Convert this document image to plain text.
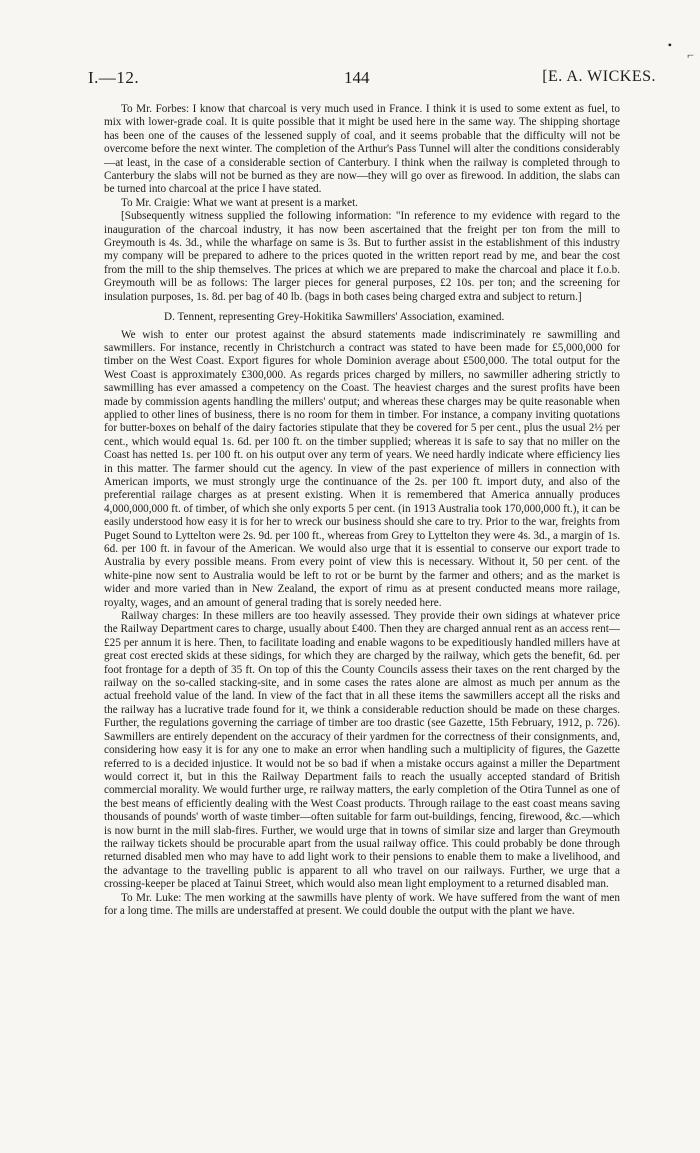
•
⌐
I.—12.	144	[E. A. WICKES.

To Mr. Forbes: I know that charcoal is very much used in France. I think it is used to some extent as fuel, to mix with lower-grade coal. It is quite possible that it might be used here in the same way. The shipping shortage has been one of the causes of the lessened supply of coal, and it seems probable that the difficulty will not be overcome before the next winter. The completion of the Arthur's Pass Tunnel will alter the conditions considerably—at least, in the case of a considerable section of Canterbury. I think when the railway is completed through to Canterbury the slabs will not be burned as they are now—they will go over as firewood. In addition, the slabs can be turned into charcoal at the price I have stated.

To Mr. Craigie: What we want at present is a market.

[Subsequently witness supplied the following information: "In reference to my evidence with regard to the inauguration of the charcoal industry, it has now been ascertained that the freight per ton from the mill to Greymouth is 4s. 3d., while the wharfage on same is 3s. But to further assist in the establishment of this industry my company will be prepared to adhere to the prices quoted in the written report read by me, and bear the cost from the mill to the ship themselves. The prices at which we are prepared to make the charcoal and place it f.o.b. Greymouth will be as follows: The larger pieces for general purposes, £2 10s. per ton; and the screening for insulation purposes, 1s. 8d. per bag of 40 lb. (bags in both cases being charged extra and subject to return.]

D. Tennent, representing Grey-Hokitika Sawmillers' Association, examined.

We wish to enter our protest against the absurd statements made indiscriminately re sawmilling and sawmillers. For instance, recently in Christchurch a contract was stated to have been made for £5,000,000 for timber on the West Coast. Export figures for whole Dominion average about £500,000. The total output for the West Coast is approximately £300,000. As regards prices charged by millers, no sawmiller adhering strictly to sawmilling has ever amassed a competency on the Coast. The heaviest charges and the surest profits have been made by commission agents handling the millers' output; and whereas these charges may be quite reasonable when applied to other lines of business, there is no room for them in timber. For instance, a company inviting quotations for butter-boxes on behalf of the dairy factories stipulate that they be covered for 5 per cent., plus the usual 2½ per cent., which would equal 1s. 6d. per 100 ft. on the timber supplied; whereas it is safe to say that no miller on the Coast has netted 1s. per 100 ft. on his output over any term of years. We need hardly indicate where efficiency lies in this matter. The farmer should cut the agency. In view of the past experience of millers in connection with American imports, we must strongly urge the continuance of the 2s. per 100 ft. import duty, and also of the preferential railage charges as at present existing. When it is remembered that America annually produces 4,000,000,000 ft. of timber, of which she only exports 5 per cent. (in 1913 Australia took 170,000,000 ft.), it can be easily understood how easy it is for her to wreck our business should she care to try. Prior to the war, freights from Puget Sound to Lyttelton were 2s. 9d. per 100 ft., whereas from Grey to Lyttelton they were 4s. 3d., a margin of 1s. 6d. per 100 ft. in favour of the American. We would also urge that it is essential to conserve our export trade to Australia by every possible means. From every point of view this is necessary. Without it, 50 per cent. of the white-pine now sent to Australia would be left to rot or be burnt by the farmer and others; and as the market is wider and more varied than in New Zealand, the export of rimu as at present conducted means more railage, royalty, wages, and an amount of general trading that is sorely needed here.

Railway charges: In these millers are too heavily assessed. They provide their own sidings at whatever price the Railway Department cares to charge, usually about £400. Then they are charged annual rent as an access rent—£25 per annum it is here. Then, to facilitate loading and enable wagons to be expeditiously handled millers have at great cost erected skids at these sidings, for which they are charged by the railway, which gets the benefit, 6d. per foot frontage for a depth of 35 ft. On top of this the County Councils assess their taxes on the rent charged by the railway on the so-called stacking-site, and in some cases the rates alone are almost as much per annum as the actual freehold value of the land. In view of the fact that in all these items the sawmillers accept all the risks and the railway has a lucrative trade found for it, we think a considerable reduction should be made on these charges. Further, the regulations governing the carriage of timber are too drastic (see Gazette, 15th February, 1912, p. 726). Sawmillers are entirely dependent on the accuracy of their yardmen for the correctness of their consignments, and, considering how easy it is for any one to make an error when handling such a multiplicity of figures, the Gazette referred to is a decided injustice. It would not be so bad if when a mistake occurs against a miller the Department would correct it, but in this the Railway Department fails to reach the usually accepted standard of British commercial morality. We would further urge, re railway matters, the early completion of the Otira Tunnel as one of the best means of efficiently dealing with the West Coast products. Through railage to the east coast means saving thousands of pounds' worth of waste timber—often suitable for farm out-buildings, fencing, firewood, &c.—which is now burnt in the mill slab-fires. Further, we would urge that in towns of similar size and larger than Greymouth the railway tickets should be procurable apart from the usual railway office. This could probably be done through returned disabled men who may have to add light work to their pensions to enable them to make a livelihood, and the advantage to the travelling public is apparent to all who travel on our railways. Further, we urge that a crossing-keeper be placed at Tainui Street, which would also mean light employment to a returned disabled man.

To Mr. Luke: The men working at the sawmills have plenty of work. We have suffered from the want of men for a long time. The mills are understaffed at present. We could double the output with the plant we have.
